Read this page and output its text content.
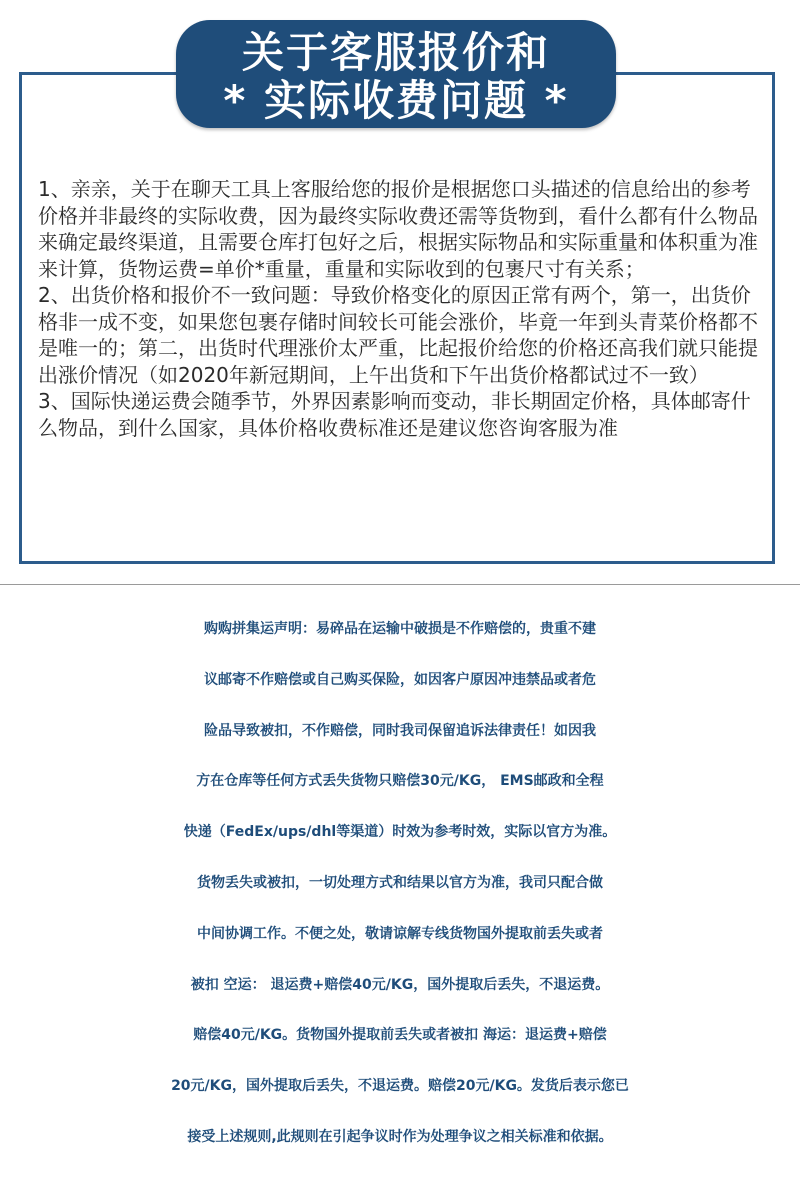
关于客服报价和
* 实际收费问题 *

1、亲亲，关于在聊天工具上客服给您的报价是根据您口头描述的信息给出的参考价格并非最终的实际收费，因为最终实际收费还需等货物到，看什么都有什么物品来确定最终渠道，且需要仓库打包好之后，根据实际物品和实际重量和体积重为准来计算，货物运费=单价*重量，重量和实际收到的包裹尺寸有关系；

2、出货价格和报价不一致问题：导致价格变化的原因正常有两个，第一，出货价格非一成不变，如果您包裹存储时间较长可能会涨价，毕竟一年到头青菜价格都不是唯一的；第二，出货时代理涨价太严重，比起报价给您的价格还高我们就只能提出涨价情况（如2020年新冠期间，上午出货和下午出货价格都试过不一致）

3、国际快递运费会随季节，外界因素影响而变动，非长期固定价格，具体邮寄什么物品，到什么国家，具体价格收费标准还是建议您咨询客服为准

购购拼集运声明：易碎品在运输中破损是不作赔偿的，贵重不建
议邮寄不作赔偿或自己购买保险，如因客户原因冲违禁品或者危
险品导致被扣，不作赔偿，同时我司保留追诉法律责任！如因我
方在仓库等任何方式丢失货物只赔偿30元/KG， EMS邮政和全程
快递（FedEx/ups/dhl等渠道）时效为参考时效，实际以官方为准。
货物丢失或被扣，一切处理方式和结果以官方为准，我司只配合做
中间协调工作。不便之处，敬请谅解专线货物国外提取前丢失或者
被扣 空运： 退运费+赔偿40元/KG，国外提取后丢失，不退运费。
赔偿40元/KG。货物国外提取前丢失或者被扣 海运：退运费+赔偿
20元/KG，国外提取后丢失，不退运费。赔偿20元/KG。发货后表示您已
接受上述规则,此规则在引起争议时作为处理争议之相关标准和依据。
